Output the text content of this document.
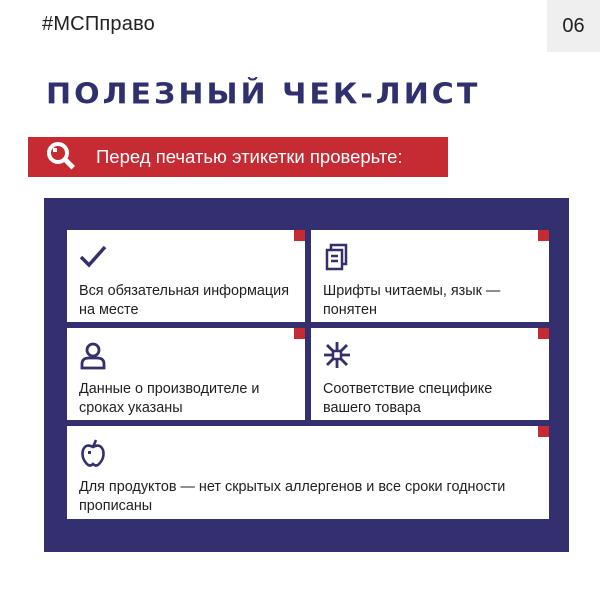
#МСПправо	06
ПОЛЕЗНЫЙ ЧЕК-ЛИСТ
Перед печатью этикетки проверьте:
Вся обязательная информация на месте
Шрифты читаемы, язык — понятен
Данные о производителе и сроках указаны
Соответствие специфике вашего товара
Для продуктов — нет скрытых аллергенов и все сроки годности прописаны
